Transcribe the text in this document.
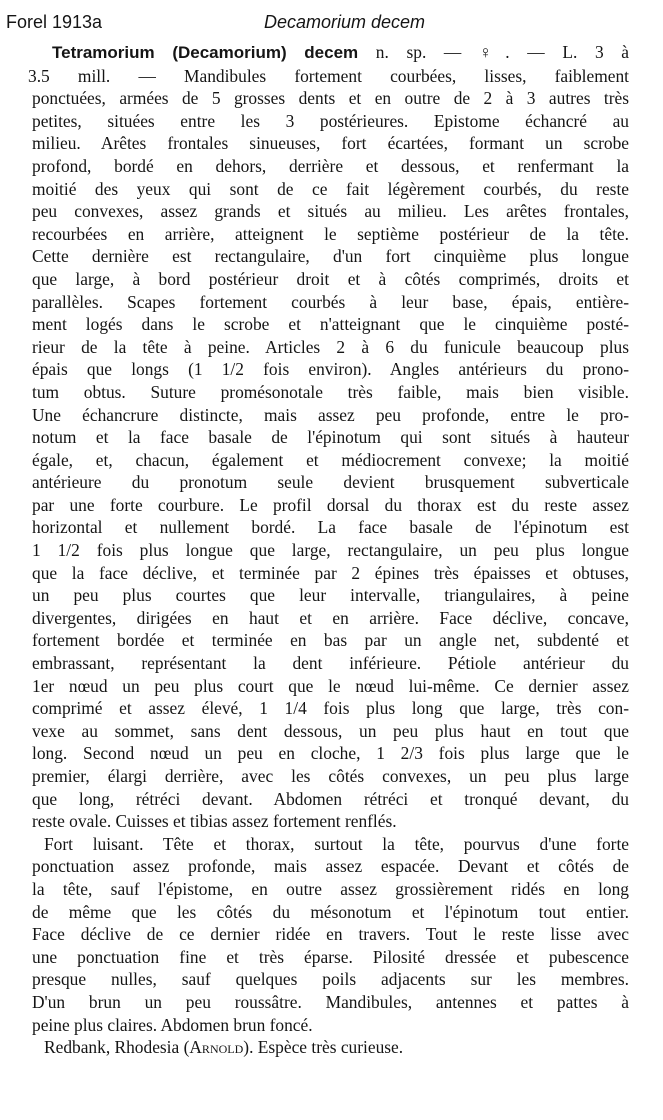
Forel 1913a	Decamorium decem

Tetramorium (Decamorium) decem n. sp. — ♀. — L. 3 à

3.5 mill. — Mandibules fortement courbées, lisses, faiblement

ponctuées, armées de 5 grosses dents et en outre de 2 à 3 autres très

petites, situées entre les 3 postérieures. Epistome échancré au

milieu. Arêtes frontales sinueuses, fort écartées, formant un scrobe

profond, bordé en dehors, derrière et dessous, et renfermant la

moitié des yeux qui sont de ce fait légèrement courbés, du reste

peu convexes, assez grands et situés au milieu. Les arêtes frontales,

recourbées en arrière, atteignent le septième postérieur de la tête.

Cette dernière est rectangulaire, d'un fort cinquième plus longue

que large, à bord postérieur droit et à côtés comprimés, droits et

parallèles. Scapes fortement courbés à leur base, épais, entière-

ment logés dans le scrobe et n'atteignant que le cinquième posté-

rieur de la tête à peine. Articles 2 à 6 du funicule beaucoup plus

épais que longs (1 1/2 fois environ). Angles antérieurs du prono-

tum obtus. Suture promésonotale très faible, mais bien visible.

Une échancrure distincte, mais assez peu profonde, entre le pro-

notum et la face basale de l'épinotum qui sont situés à hauteur

égale, et, chacun, également et médiocrement convexe; la moitié

antérieure du pronotum seule devient brusquement subverticale

par une forte courbure. Le profil dorsal du thorax est du reste assez

horizontal et nullement bordé. La face basale de l'épinotum est

1 1/2 fois plus longue que large, rectangulaire, un peu plus longue

que la face déclive, et terminée par 2 épines très épaisses et obtuses,

un peu plus courtes que leur intervalle, triangulaires, à peine

divergentes, dirigées en haut et en arrière. Face déclive, concave,

fortement bordée et terminée en bas par un angle net, subdenté et

embrassant, représentant la dent inférieure. Pétiole antérieur du

1er nœud un peu plus court que le nœud lui-même. Ce dernier assez

comprimé et assez élevé, 1 1/4 fois plus long que large, très con-

vexe au sommet, sans dent dessous, un peu plus haut en tout que

long. Second nœud un peu en cloche, 1 2/3 fois plus large que le

premier, élargi derrière, avec les côtés convexes, un peu plus large

que long, rétréci devant. Abdomen rétréci et tronqué devant, du

reste ovale. Cuisses et tibias assez fortement renflés.

Fort luisant. Tête et thorax, surtout la tête, pourvus d'une forte

ponctuation assez profonde, mais assez espacée. Devant et côtés de

la tête, sauf l'épistome, en outre assez grossièrement ridés en long

de même que les côtés du mésonotum et l'épinotum tout entier.

Face déclive de ce dernier ridée en travers. Tout le reste lisse avec

une ponctuation fine et très éparse. Pilosité dressée et pubescence

presque nulles, sauf quelques poils adjacents sur les membres.

D'un brun un peu roussâtre. Mandibules, antennes et pattes à

peine plus claires. Abdomen brun foncé.

Redbank, Rhodesia (Arnold). Espèce très curieuse.
